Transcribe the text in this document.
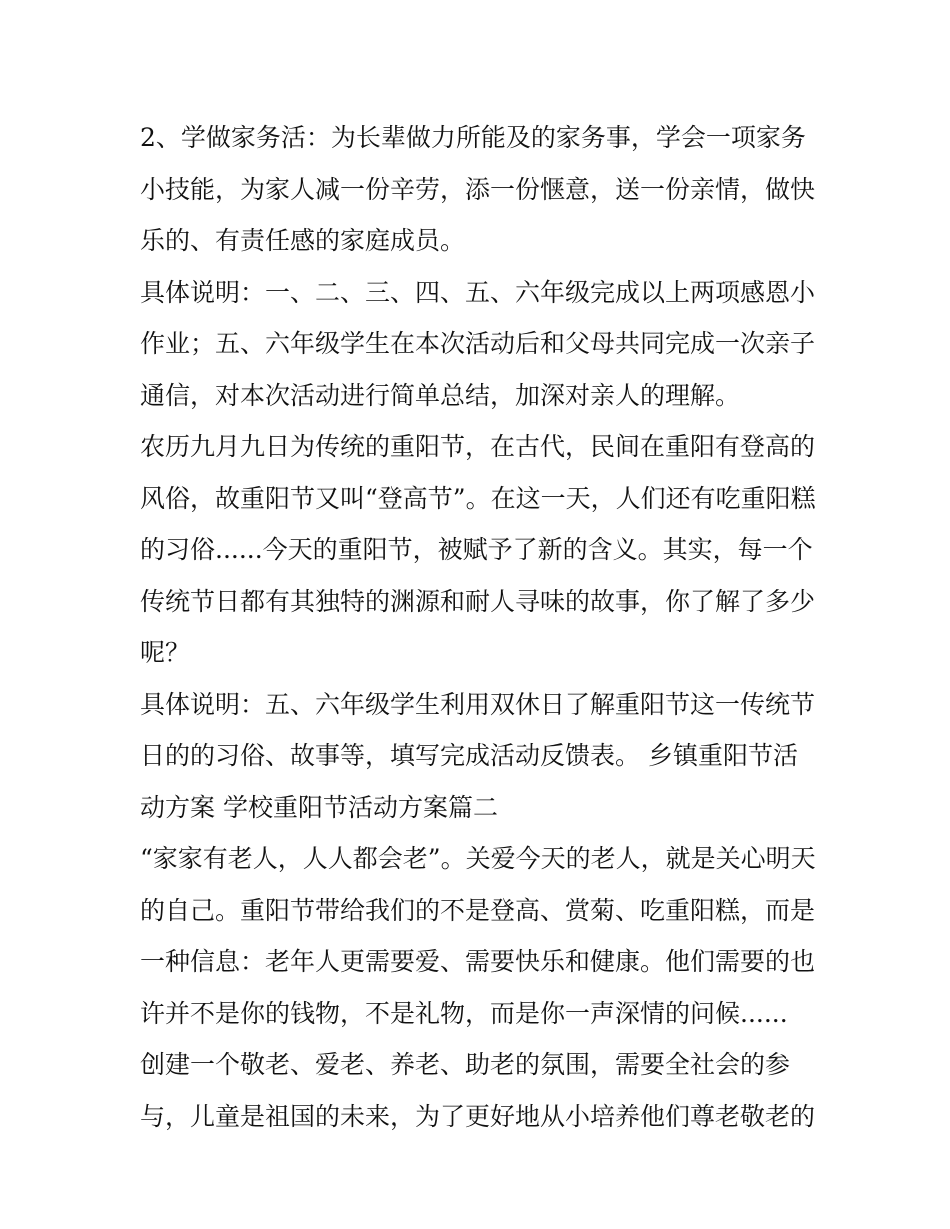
2、学做家务活：为长辈做力所能及的家务事，学会一项家务
小技能，为家人减一份辛劳，添一份惬意，送一份亲情，做快
乐的、有责任感的家庭成员。
具体说明：一、二、三、四、五、六年级完成以上两项感恩小
作业；五、六年级学生在本次活动后和父母共同完成一次亲子
通信，对本次活动进行简单总结，加深对亲人的理解。
农历九月九日为传统的重阳节，在古代，民间在重阳有登高的
风俗，故重阳节又叫“登高节”。在这一天，人们还有吃重阳糕
的习俗......今天的重阳节，被赋予了新的含义。其实，每一个
传统节日都有其独特的渊源和耐人寻味的故事，你了解了多少
呢？
具体说明：五、六年级学生利用双休日了解重阳节这一传统节
日的的习俗、故事等，填写完成活动反馈表。 乡镇重阳节活
动方案 学校重阳节活动方案篇二
“家家有老人，人人都会老”。关爱今天的老人，就是关心明天
的自己。重阳节带给我们的不是登高、赏菊、吃重阳糕，而是
一种信息：老年人更需要爱、需要快乐和健康。他们需要的也
许并不是你的钱物，不是礼物，而是你一声深情的问候......
创建一个敬老、爱老、养老、助老的氛围，需要全社会的参
与，儿童是祖国的未来，为了更好地从小培养他们尊老敬老的
